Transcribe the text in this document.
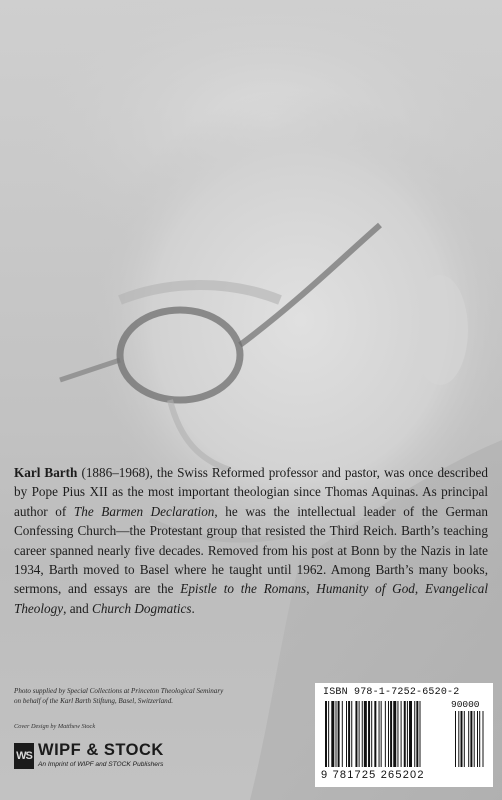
Karl Barth (1886–1968), the Swiss Reformed professor and pastor, was once described by Pope Pius XII as the most important theologian since Thomas Aquinas. As principal author of The Barmen Declaration, he was the intellectual leader of the German Confessing Church—the Protestant group that resisted the Third Reich. Barth’s teaching career spanned nearly five decades. Removed from his post at Bonn by the Nazis in late 1934, Barth moved to Basel where he taught until 1962. Among Barth’s many books, sermons, and essays are the Epistle to the Romans, Humanity of God, Evangelical Theology, and Church Dogmatics.
Photo supplied by Special Collections at Princeton Theological Seminary
on behalf of the Karl Barth Stiftung, Basel, Switzerland.
Cover Design by Matthew Stock
WS WIPF & STOCK
An Imprint of WIPF and STOCK Publishers
ISBN 978-1-7252-6520-2
90000
9 781725 265202
